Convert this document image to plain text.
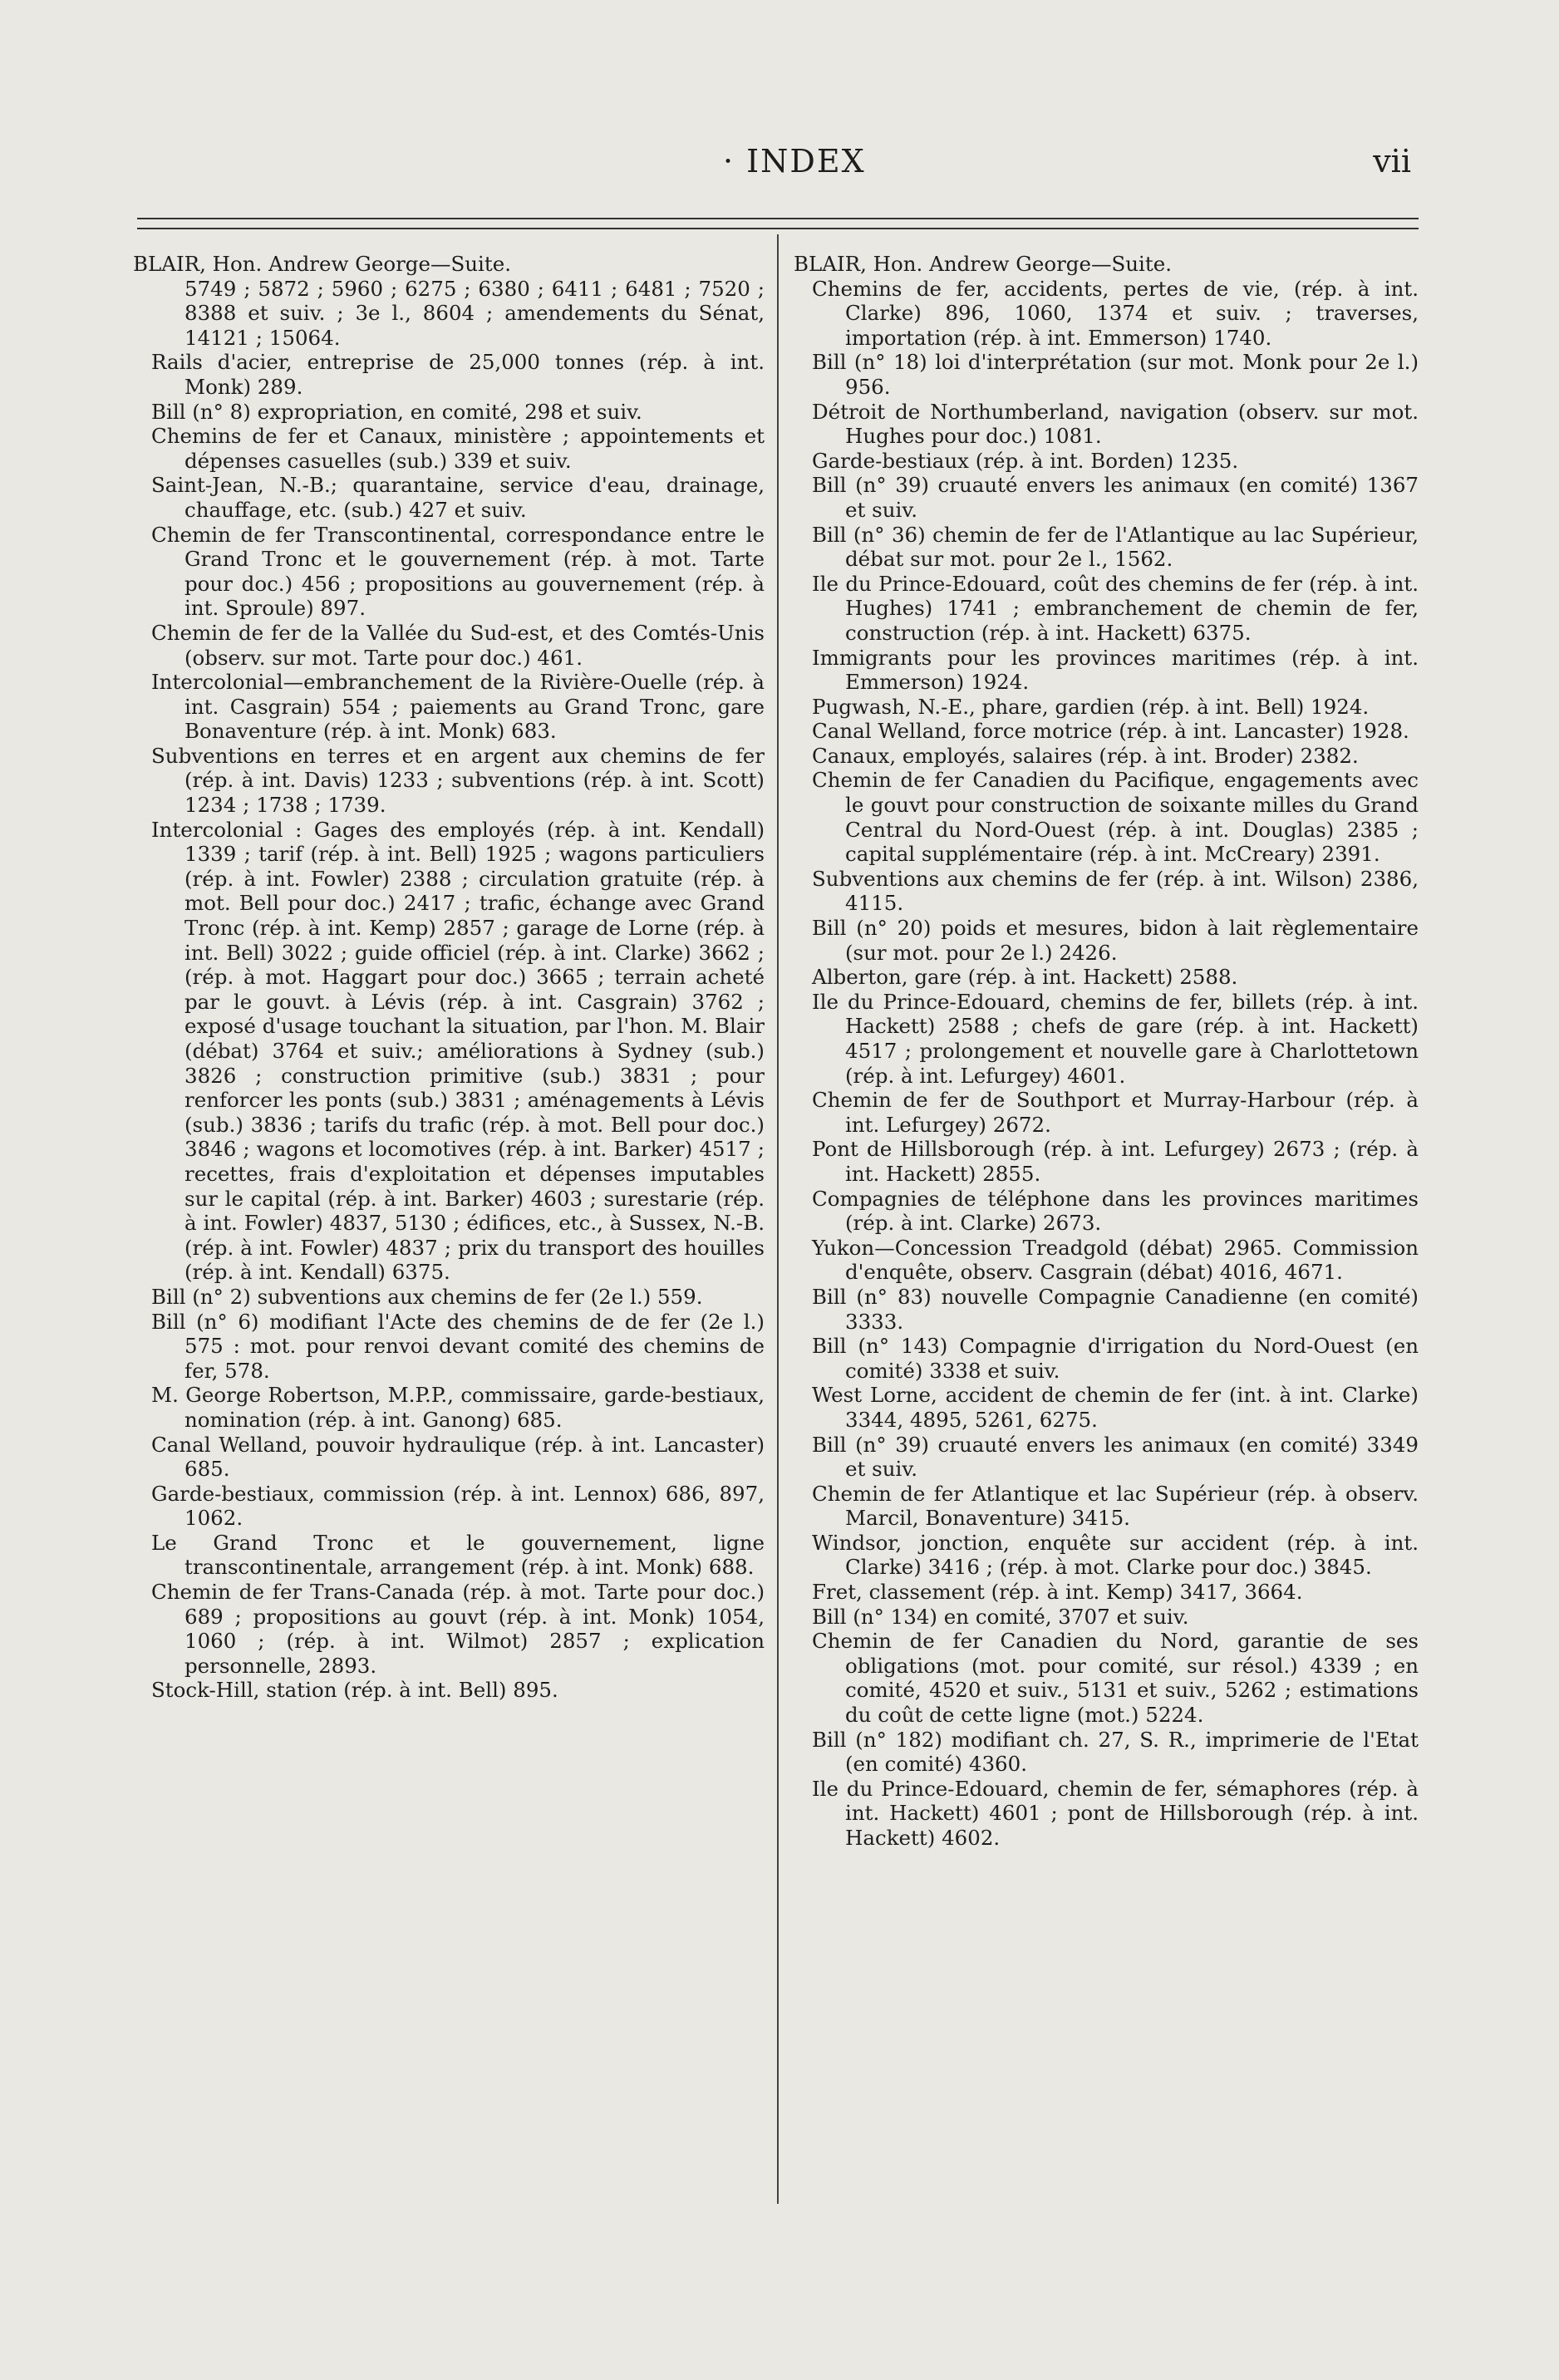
· INDEX	vii

BLAIR, Hon. Andrew George—Suite.

5749 ; 5872 ; 5960 ; 6275 ; 6380 ; 6411 ; 6481 ; 7520 ; 8388 et suiv. ; 3e l., 8604 ; amendements du Sénat, 14121 ; 15064.

Rails d'acier, entreprise de 25,000 tonnes (rép. à int. Monk) 289.

Bill (n° 8) expropriation, en comité, 298 et suiv.

Chemins de fer et Canaux, ministère ; appointements et dépenses casuelles (sub.) 339 et suiv.

Saint-Jean, N.-B.; quarantaine, service d'eau, drainage, chauffage, etc. (sub.) 427 et suiv.

Chemin de fer Transcontinental, correspondance entre le Grand Tronc et le gouvernement (rép. à mot. Tarte pour doc.) 456 ; propositions au gouvernement (rép. à int. Sproule) 897.

Chemin de fer de la Vallée du Sud-est, et des Comtés-Unis (observ. sur mot. Tarte pour doc.) 461.

Intercolonial—embranchement de la Rivière-Ouelle (rép. à int. Casgrain) 554 ; paiements au Grand Tronc, gare Bonaventure (rép. à int. Monk) 683.

Subventions en terres et en argent aux chemins de fer (rép. à int. Davis) 1233 ; subventions (rép. à int. Scott) 1234 ; 1738 ; 1739.

Intercolonial : Gages des employés (rép. à int. Kendall) 1339 ; tarif (rép. à int. Bell) 1925 ; wagons particuliers (rép. à int. Fowler) 2388 ; circulation gratuite (rép. à mot. Bell pour doc.) 2417 ; trafic, échange avec Grand Tronc (rép. à int. Kemp) 2857 ; garage de Lorne (rép. à int. Bell) 3022 ; guide officiel (rép. à int. Clarke) 3662 ; (rép. à mot. Haggart pour doc.) 3665 ; terrain acheté par le gouvt. à Lévis (rép. à int. Casgrain) 3762 ; exposé d'usage touchant la situation, par l'hon. M. Blair (débat) 3764 et suiv.; améliorations à Sydney (sub.) 3826 ; construction primitive (sub.) 3831 ; pour renforcer les ponts (sub.) 3831 ; aménagements à Lévis (sub.) 3836 ; tarifs du trafic (rép. à mot. Bell pour doc.) 3846 ; wagons et locomotives (rép. à int. Barker) 4517 ; recettes, frais d'exploitation et dépenses imputables sur le capital (rép. à int. Barker) 4603 ; surestarie (rép. à int. Fowler) 4837, 5130 ; édifices, etc., à Sussex, N.-B. (rép. à int. Fowler) 4837 ; prix du transport des houilles (rép. à int. Kendall) 6375.

Bill (n° 2) subventions aux chemins de fer (2e l.) 559.

Bill (n° 6) modifiant l'Acte des chemins de de fer (2e l.) 575 : mot. pour renvoi devant comité des chemins de fer, 578.

M. George Robertson, M.P.P., commissaire, garde-bestiaux, nomination (rép. à int. Ganong) 685.

Canal Welland, pouvoir hydraulique (rép. à int. Lancaster) 685.

Garde-bestiaux, commission (rép. à int. Lennox) 686, 897, 1062.

Le Grand Tronc et le gouvernement, ligne transcontinentale, arrangement (rép. à int. Monk) 688.

Chemin de fer Trans-Canada (rép. à mot. Tarte pour doc.) 689 ; propositions au gouvt (rép. à int. Monk) 1054, 1060 ; (rép. à int. Wilmot) 2857 ; explication personnelle, 2893.

Stock-Hill, station (rép. à int. Bell) 895.

BLAIR, Hon. Andrew George—Suite.

Chemins de fer, accidents, pertes de vie, (rép. à int. Clarke) 896, 1060, 1374 et suiv. ; traverses, importation (rép. à int. Emmerson) 1740.

Bill (n° 18) loi d'interprétation (sur mot. Monk pour 2e l.) 956.

Détroit de Northumberland, navigation (observ. sur mot. Hughes pour doc.) 1081.

Garde-bestiaux (rép. à int. Borden) 1235.

Bill (n° 39) cruauté envers les animaux (en comité) 1367 et suiv.

Bill (n° 36) chemin de fer de l'Atlantique au lac Supérieur, débat sur mot. pour 2e l., 1562.

Ile du Prince-Edouard, coût des chemins de fer (rép. à int. Hughes) 1741 ; embranchement de chemin de fer, construction (rép. à int. Hackett) 6375.

Immigrants pour les provinces maritimes (rép. à int. Emmerson) 1924.

Pugwash, N.-E., phare, gardien (rép. à int. Bell) 1924.

Canal Welland, force motrice (rép. à int. Lancaster) 1928.

Canaux, employés, salaires (rép. à int. Broder) 2382.

Chemin de fer Canadien du Pacifique, engagements avec le gouvt pour construction de soixante milles du Grand Central du Nord-Ouest (rép. à int. Douglas) 2385 ; capital supplémentaire (rép. à int. McCreary) 2391.

Subventions aux chemins de fer (rép. à int. Wilson) 2386, 4115.

Bill (n° 20) poids et mesures, bidon à lait règlementaire (sur mot. pour 2e l.) 2426.

Alberton, gare (rép. à int. Hackett) 2588.

Ile du Prince-Edouard, chemins de fer, billets (rép. à int. Hackett) 2588 ; chefs de gare (rép. à int. Hackett) 4517 ; prolongement et nouvelle gare à Charlottetown (rép. à int. Lefurgey) 4601.

Chemin de fer de Southport et Murray-Harbour (rép. à int. Lefurgey) 2672.

Pont de Hillsborough (rép. à int. Lefurgey) 2673 ; (rép. à int. Hackett) 2855.

Compagnies de téléphone dans les provinces maritimes (rép. à int. Clarke) 2673.

Yukon—Concession Treadgold (débat) 2965. Commission d'enquête, observ. Casgrain (débat) 4016, 4671.

Bill (n° 83) nouvelle Compagnie Canadienne (en comité) 3333.

Bill (n° 143) Compagnie d'irrigation du Nord-Ouest (en comité) 3338 et suiv.

West Lorne, accident de chemin de fer (int. à int. Clarke) 3344, 4895, 5261, 6275.

Bill (n° 39) cruauté envers les animaux (en comité) 3349 et suiv.

Chemin de fer Atlantique et lac Supérieur (rép. à observ. Marcil, Bonaventure) 3415.

Windsor, jonction, enquête sur accident (rép. à int. Clarke) 3416 ; (rép. à mot. Clarke pour doc.) 3845.

Fret, classement (rép. à int. Kemp) 3417, 3664.

Bill (n° 134) en comité, 3707 et suiv.

Chemin de fer Canadien du Nord, garantie de ses obligations (mot. pour comité, sur résol.) 4339 ; en comité, 4520 et suiv., 5131 et suiv., 5262 ; estimations du coût de cette ligne (mot.) 5224.

Bill (n° 182) modifiant ch. 27, S. R., imprimerie de l'Etat (en comité) 4360.

Ile du Prince-Edouard, chemin de fer, sémaphores (rép. à int. Hackett) 4601 ; pont de Hillsborough (rép. à int. Hackett) 4602.
